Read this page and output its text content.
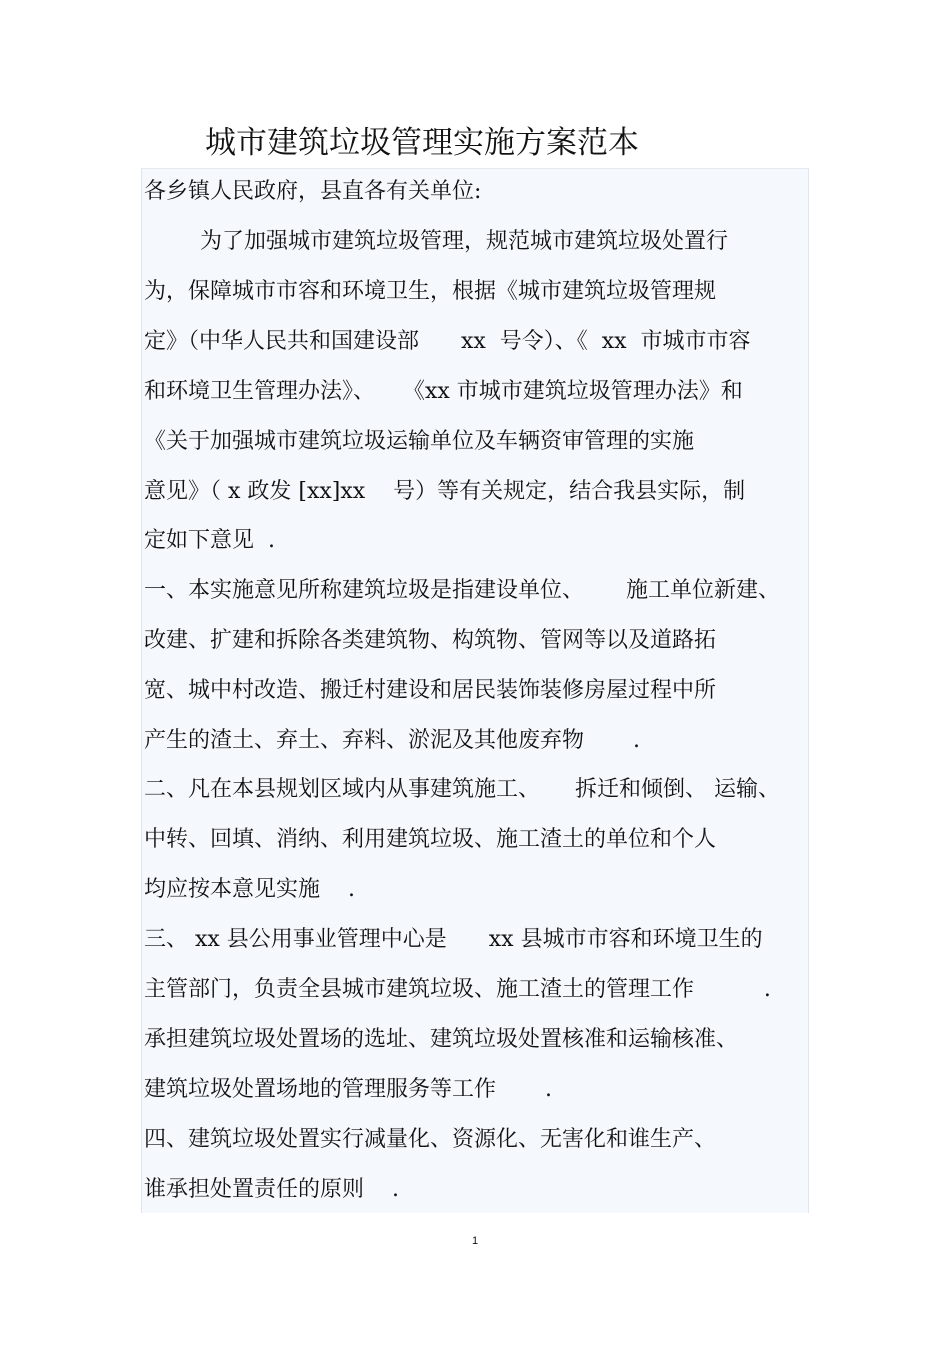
城市建筑垃圾管理实施方案范本

各乡镇人民政府，县直各有关单位:

为了加强城市建筑垃圾管理，规范城市建筑垃圾处置行

为，保障城市市容和环境卫生，根据《城市建筑垃圾管理规

定》（中华人民共和国建设部      xx  号令）、《  xx  市城市市容

和环境卫生管理办法》、    《xx 市城市建筑垃圾管理办法》和

《关于加强城市建筑垃圾运输单位及车辆资审管理的实施

意见》（ x 政发 [xx]xx    号）等有关规定，结合我县实际，制

定如下意见  .

一、本实施意见所称建筑垃圾是指建设单位、      施工单位新建、

改建、扩建和拆除各类建筑物、构筑物、管网等以及道路拓

宽、城中村改造、搬迁村建设和居民装饰装修房屋过程中所

产生的渣土、弃土、弃料、淤泥及其他废弃物       .

二、凡在本县规划区域内从事建筑施工、     拆迁和倾倒、 运输、

中转、回填、消纳、利用建筑垃圾、施工渣土的单位和个人

均应按本意见实施    .

三、 xx 县公用事业管理中心是      xx 县城市市容和环境卫生的

主管部门，负责全县城市建筑垃圾、施工渣土的管理工作          .

承担建筑垃圾处置场的选址、建筑垃圾处置核准和运输核准、

建筑垃圾处置场地的管理服务等工作       .

四、建筑垃圾处置实行减量化、资源化、无害化和谁生产、

谁承担处置责任的原则    .

1
